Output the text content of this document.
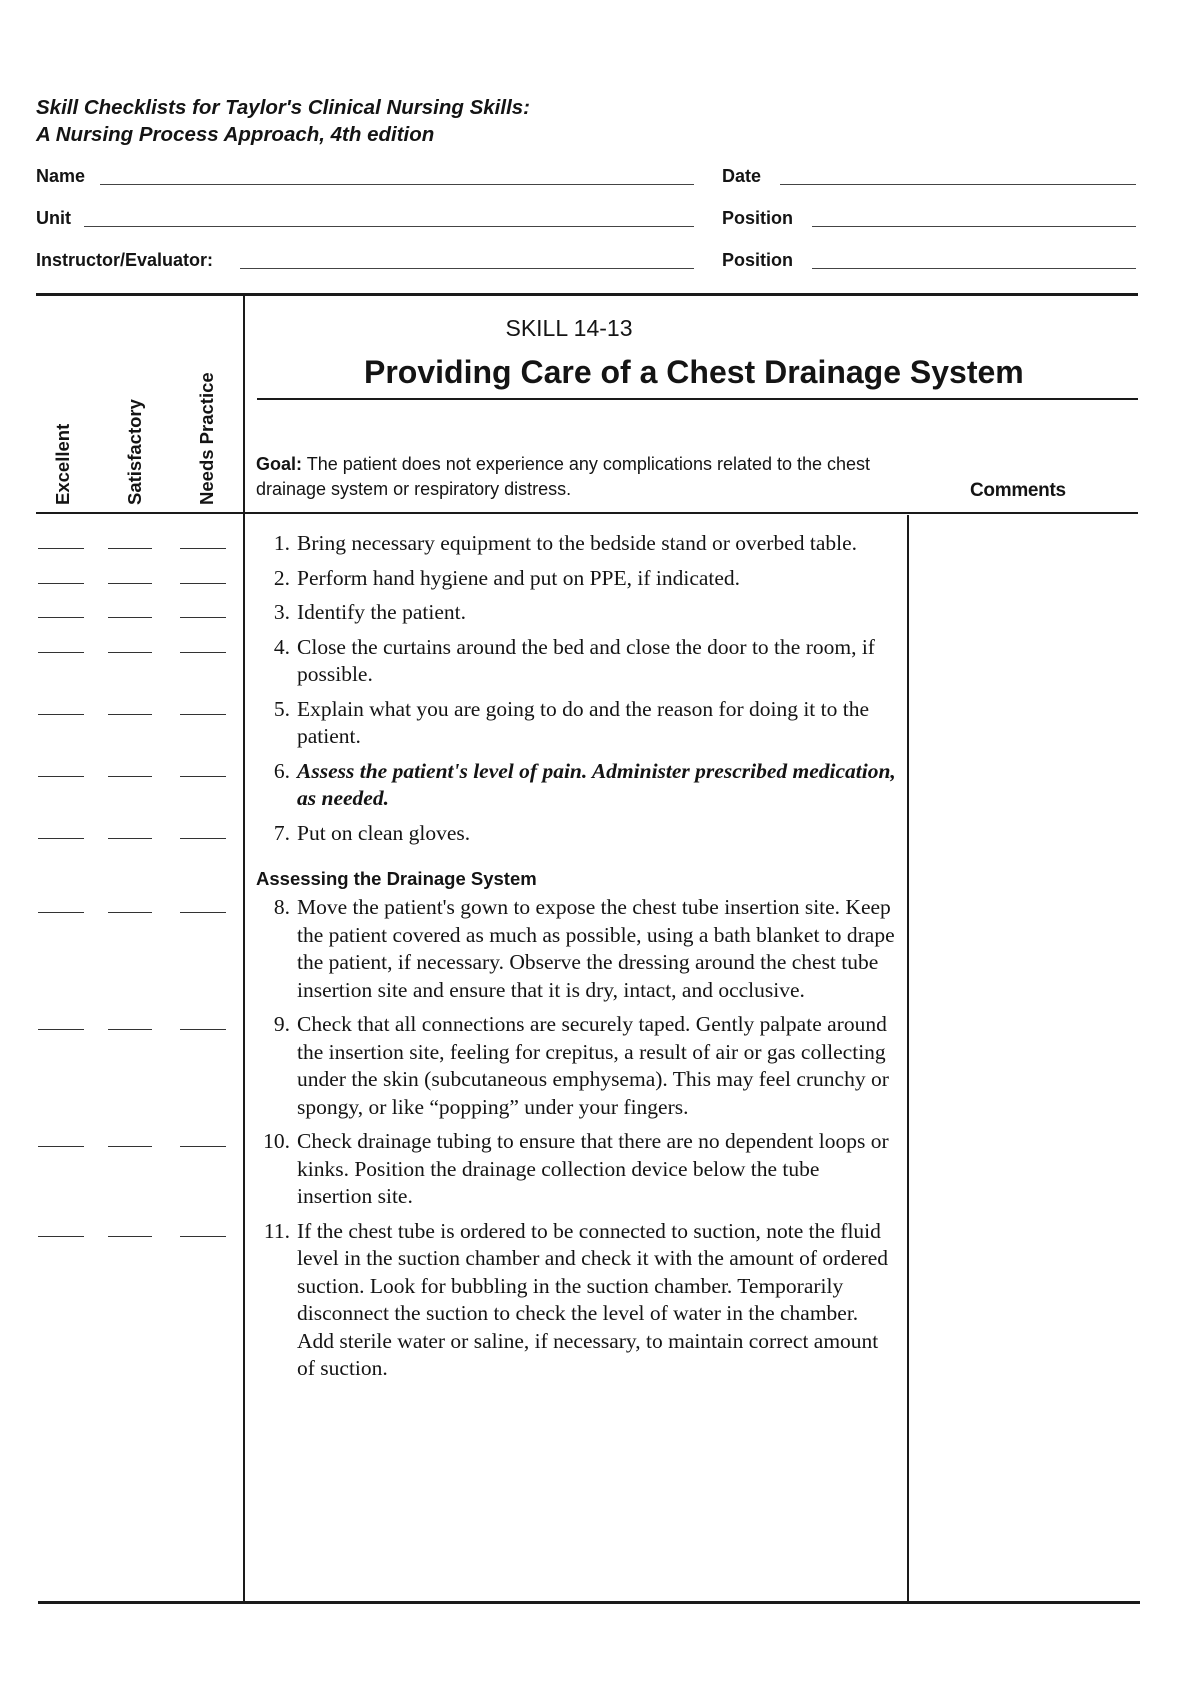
Skill Checklists for Taylor's Clinical Nursing Skills:
A Nursing Process Approach, 4th edition
Name	Date
Unit	Position
Instructor/Evaluator:	Position
Excellent	Satisfactory	Needs Practice
SKILL 14-13
Providing Care of a Chest Drainage System
Goal: The patient does not experience any complications related to the chest drainage system or respiratory distress.	Comments
1. Bring necessary equipment to the bedside stand or overbed table.
2. Perform hand hygiene and put on PPE, if indicated.
3. Identify the patient.
4. Close the curtains around the bed and close the door to the room, if possible.
5. Explain what you are going to do and the reason for doing it to the patient.
6. Assess the patient's level of pain. Administer prescribed medication, as needed.
7. Put on clean gloves.
Assessing the Drainage System
8. Move the patient's gown to expose the chest tube insertion site. Keep the patient covered as much as possible, using a bath blanket to drape the patient, if necessary. Observe the dressing around the chest tube insertion site and ensure that it is dry, intact, and occlusive.
9. Check that all connections are securely taped. Gently palpate around the insertion site, feeling for crepitus, a result of air or gas collecting under the skin (subcutaneous emphysema). This may feel crunchy or spongy, or like “popping” under your fingers.
10. Check drainage tubing to ensure that there are no dependent loops or kinks. Position the drainage collection device below the tube insertion site.
11. If the chest tube is ordered to be connected to suction, note the fluid level in the suction chamber and check it with the amount of ordered suction. Look for bubbling in the suction chamber. Temporarily disconnect the suction to check the level of water in the chamber. Add sterile water or saline, if necessary, to maintain correct amount of suction.
